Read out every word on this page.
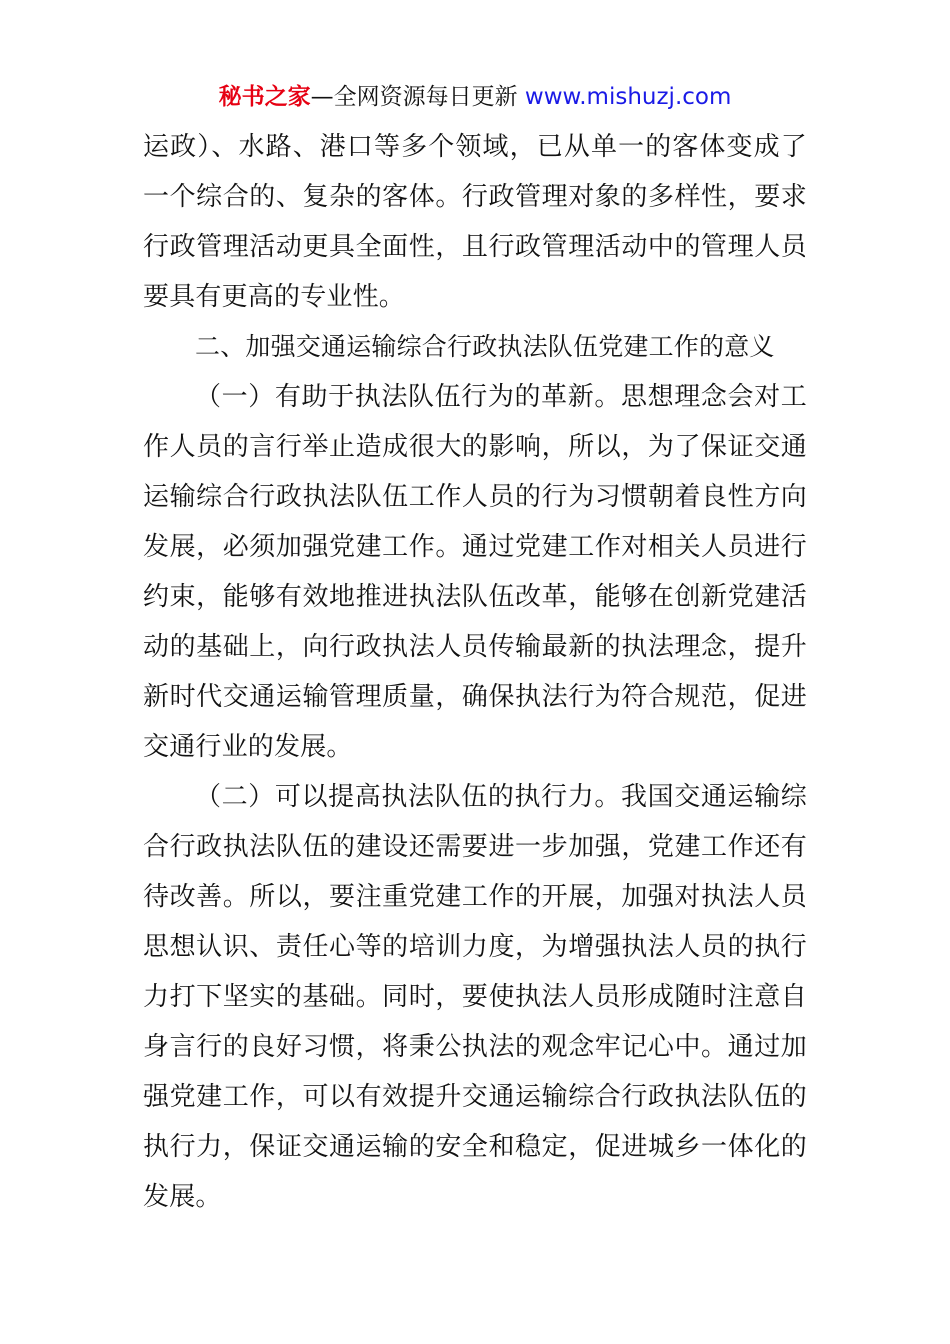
秘书之家—全网资源每日更新 www.mishuzj.com

运政）、水路、港口等多个领域，已从单一的客体变成了一个综合的、复杂的客体。行政管理对象的多样性，要求行政管理活动更具全面性，且行政管理活动中的管理人员要具有更高的专业性。

二、加强交通运输综合行政执法队伍党建工作的意义

（一）有助于执法队伍行为的革新。思想理念会对工作人员的言行举止造成很大的影响，所以，为了保证交通运输综合行政执法队伍工作人员的行为习惯朝着良性方向发展，必须加强党建工作。通过党建工作对相关人员进行约束，能够有效地推进执法队伍改革，能够在创新党建活动的基础上，向行政执法人员传输最新的执法理念，提升新时代交通运输管理质量，确保执法行为符合规范，促进交通行业的发展。

（二）可以提高执法队伍的执行力。我国交通运输综合行政执法队伍的建设还需要进一步加强，党建工作还有待改善。所以，要注重党建工作的开展，加强对执法人员思想认识、责任心等的培训力度，为增强执法人员的执行力打下坚实的基础。同时，要使执法人员形成随时注意自身言行的良好习惯，将秉公执法的观念牢记心中。通过加强党建工作，可以有效提升交通运输综合行政执法队伍的执行力，保证交通运输的安全和稳定，促进城乡一体化的发展。
